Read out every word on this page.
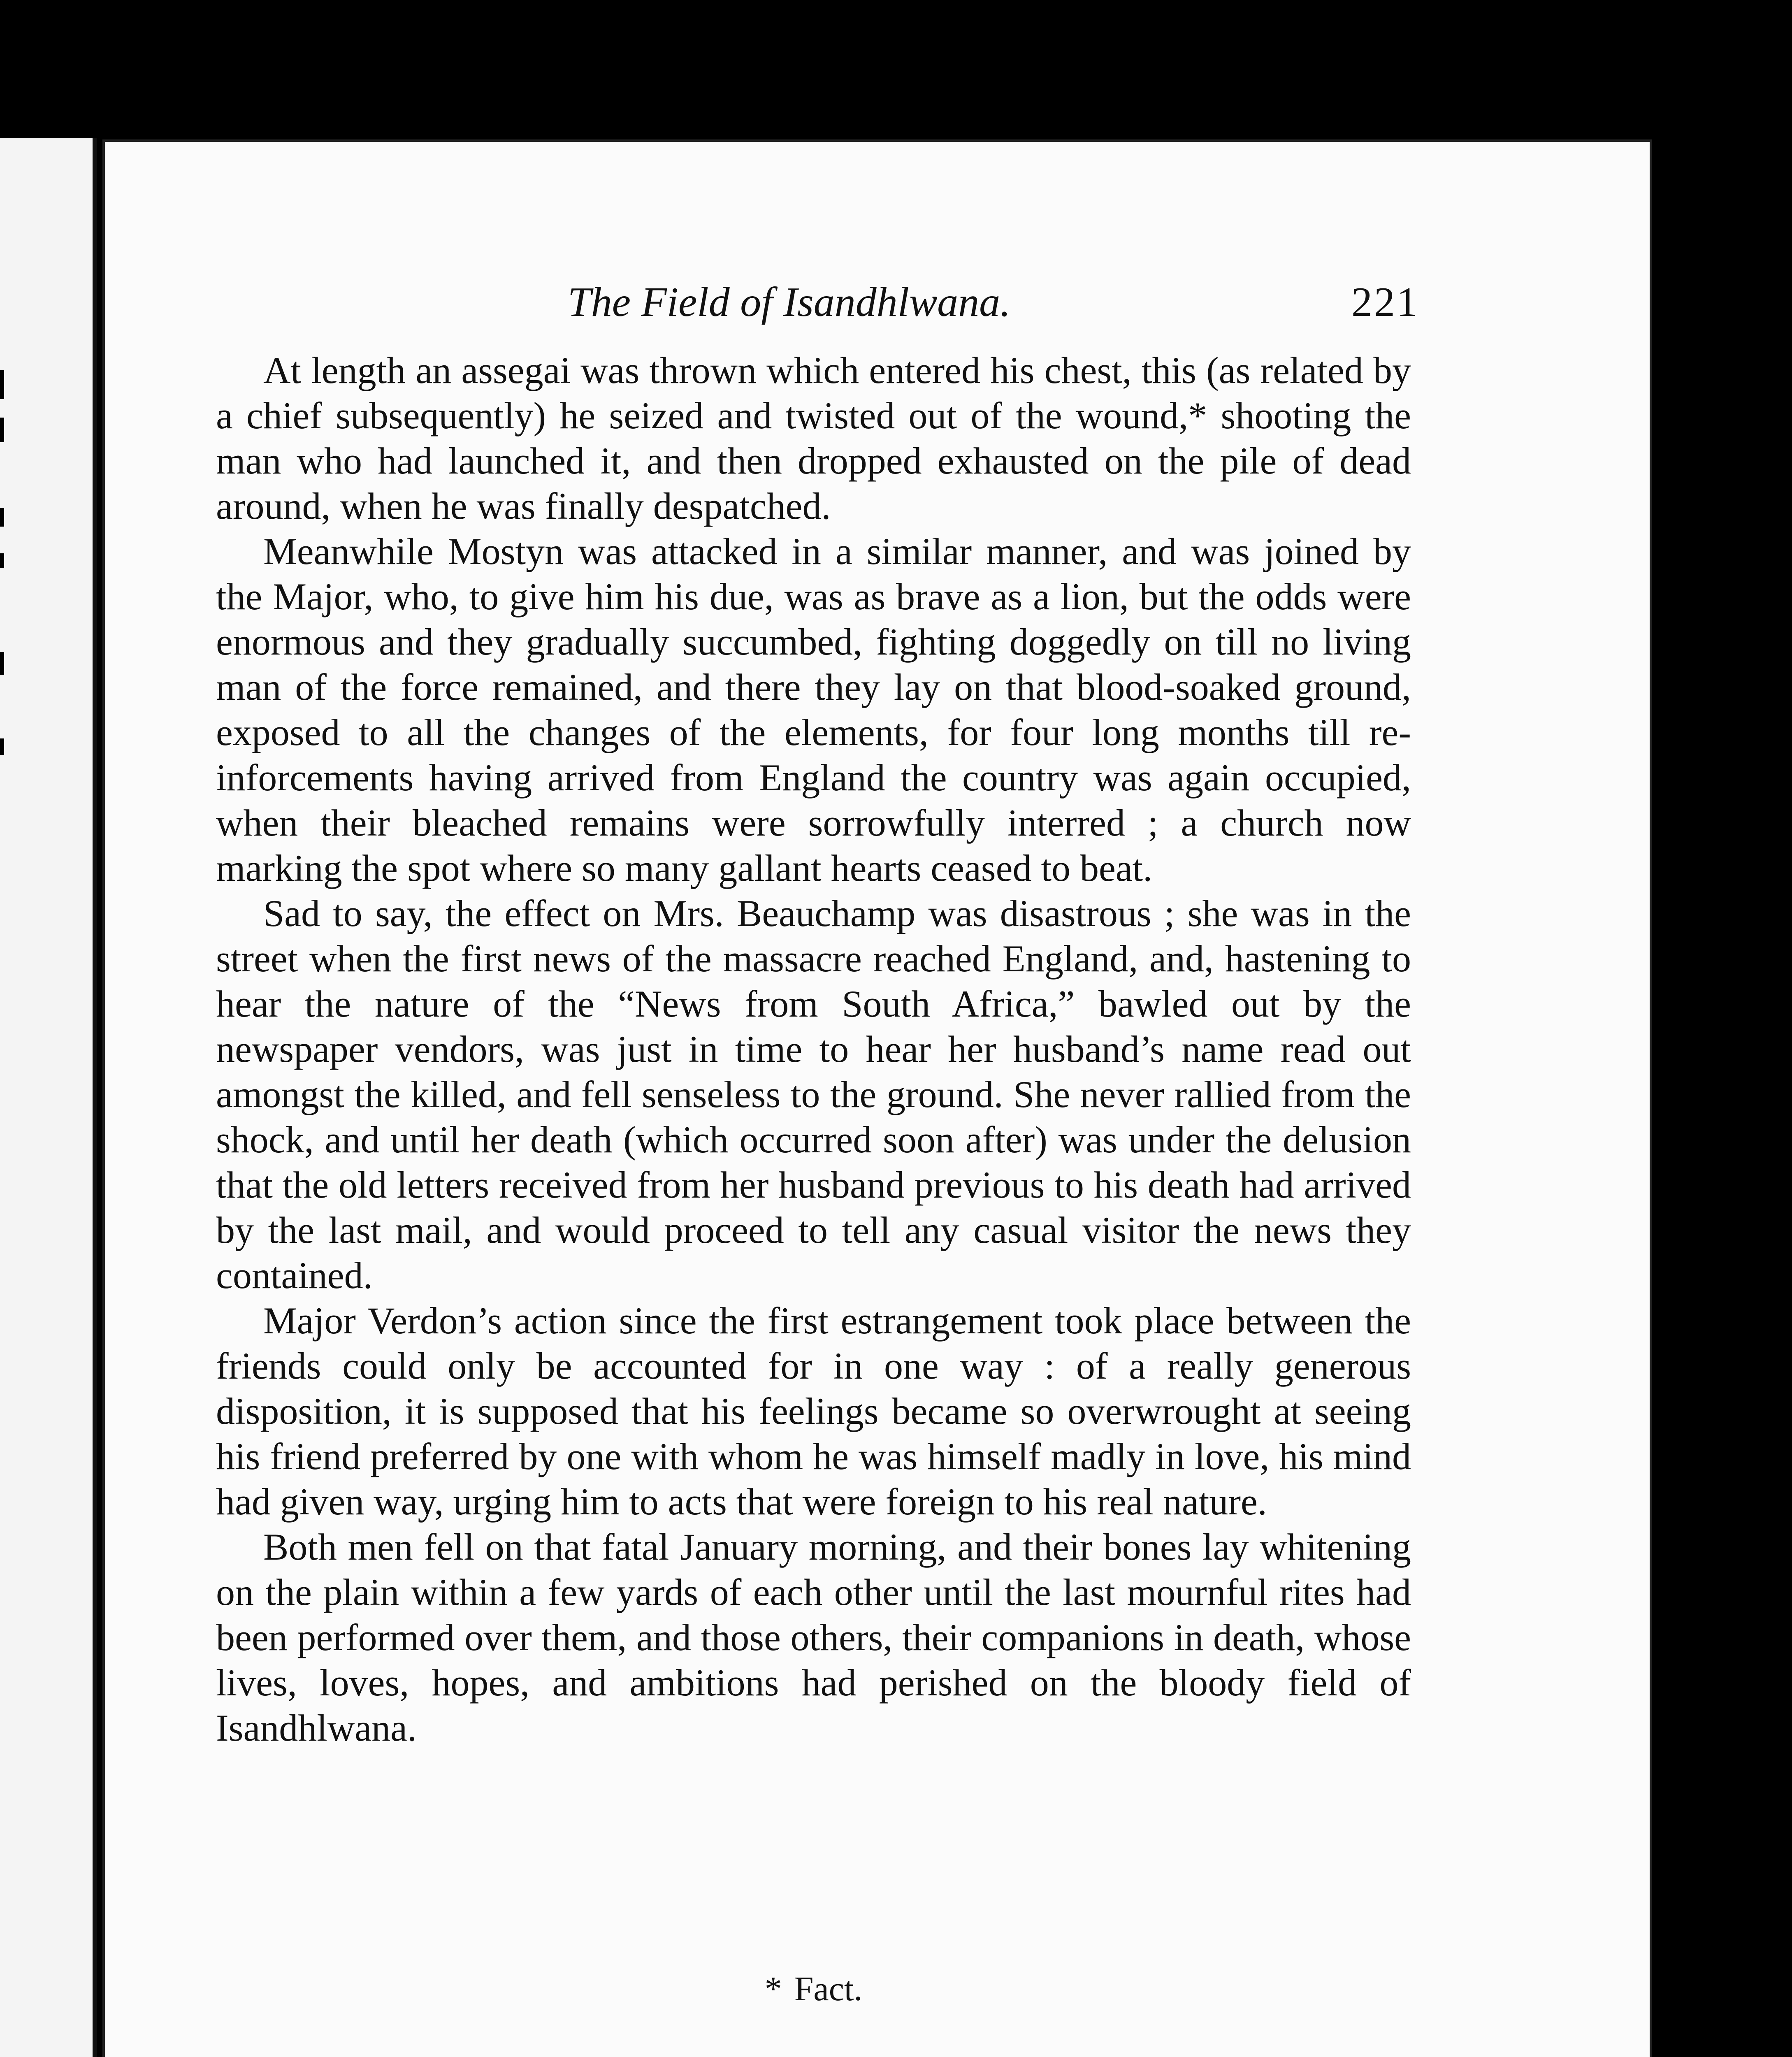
The Field of Isandhlwana.	221

At length an assegai was thrown which entered his chest, this (as related by a chief subsequently) he seized and twisted out of the wound,* shooting the man who had launched it, and then dropped exhausted on the pile of dead around, when he was finally despatched.

Meanwhile Mostyn was attacked in a similar manner, and was joined by the Major, who, to give him his due, was as brave as a lion, but the odds were enormous and they gradually succumbed, fighting doggedly on till no living man of the force remained, and there they lay on that blood-soaked ground, exposed to all the changes of the elements, for four long months till re-inforcements having arrived from England the country was again occupied, when their bleached remains were sorrowfully interred ; a church now marking the spot where so many gallant hearts ceased to beat.

Sad to say, the effect on Mrs. Beauchamp was disastrous ; she was in the street when the first news of the massacre reached England, and, hastening to hear the nature of the “News from South Africa,” bawled out by the newspaper vendors, was just in time to hear her husband’s name read out amongst the killed, and fell senseless to the ground. She never rallied from the shock, and until her death (which occurred soon after) was under the delusion that the old letters received from her husband previous to his death had arrived by the last mail, and would proceed to tell any casual visitor the news they contained.

Major Verdon’s action since the first estrangement took place between the friends could only be accounted for in one way : of a really generous disposition, it is supposed that his feelings became so overwrought at seeing his friend preferred by one with whom he was himself madly in love, his mind had given way, urging him to acts that were foreign to his real nature.

Both men fell on that fatal January morning, and their bones lay whitening on the plain within a few yards of each other until the last mournful rites had been performed over them, and those others, their companions in death, whose lives, loves, hopes, and ambitions had perished on the bloody field of Isandhlwana.

* Fact.
